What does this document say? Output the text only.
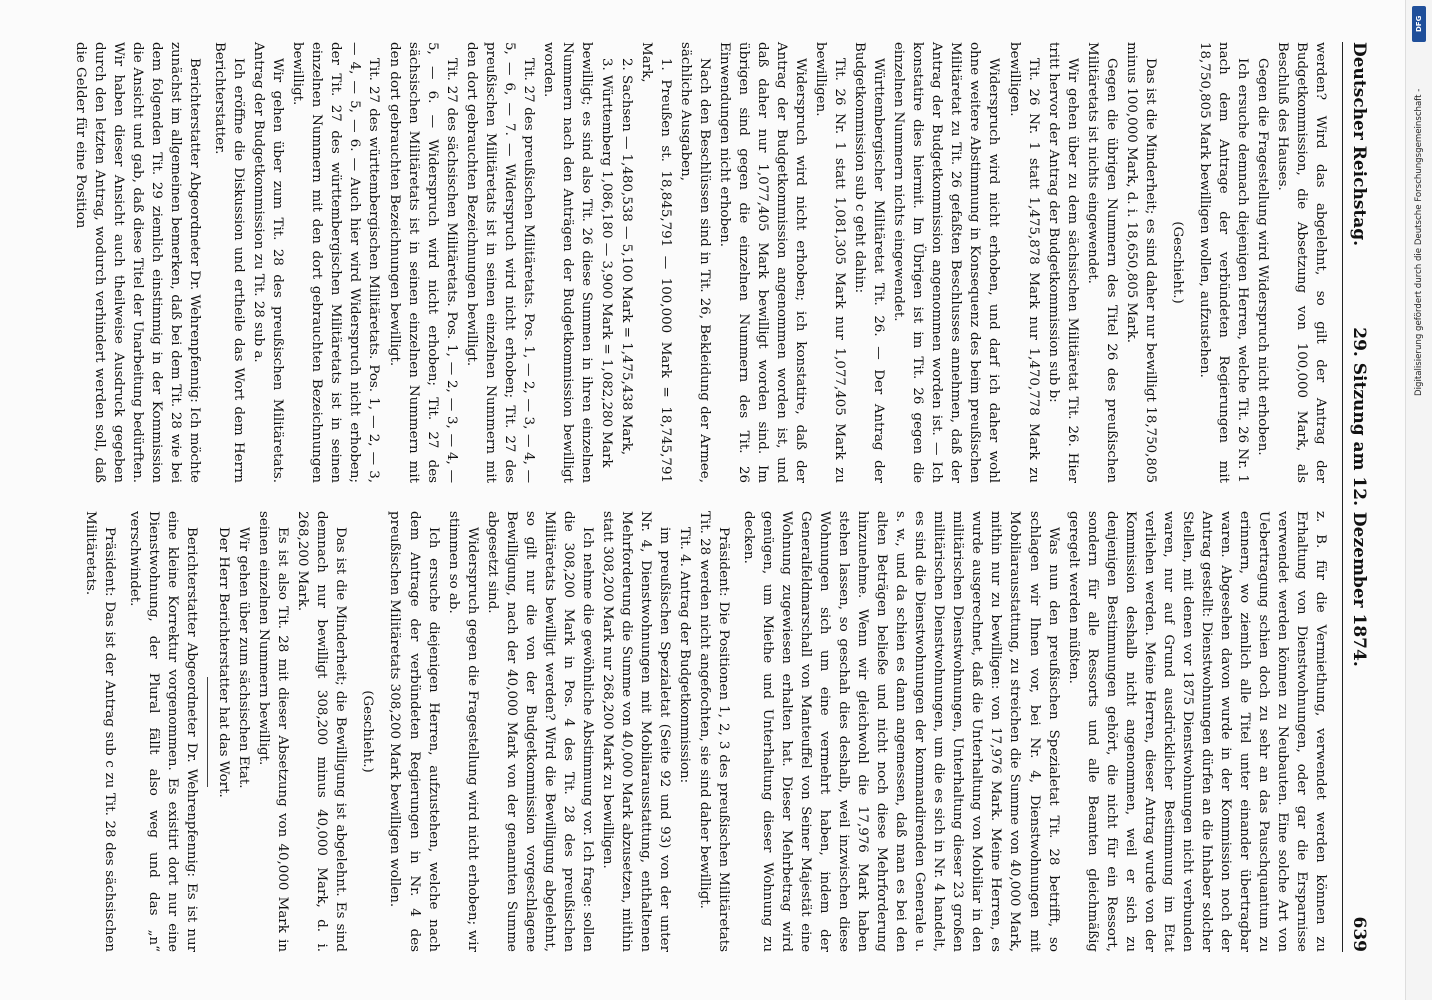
Deutscher Reichstag.
29. Sitzung am 12. Dezember 1874.
639

werden? Wird das abgelehnt, so gilt der Antrag der Budgetkommission, die Absetzung von 100,000 Mark, als Beschluß des Hauses.

Gegen die Fragestellung wird Widerspruch nicht erhoben.

Ich ersuche demnach diejenigen Herren, welche Tit. 26 Nr. 1 nach dem Antrage der verbündeten Regierungen mit 18,750,805 Mark bewilligen wollen, aufzustehen.

(Geschieht.)

Das ist die Minderheit; es sind daher nur bewilligt 18,750,805 minus 100,000 Mark, d. i. 18,650,805 Mark.

Gegen die übrigen Nummern des Titel 26 des preußischen Militäretats ist nichts eingewendet.

Wir gehen über zu dem sächsischen Militäretat Tit. 26. Hier tritt hervor der Antrag der Budgetkommission sub b:

Tit. 26 Nr. 1 statt 1,475,878 Mark nur 1,470,778 Mark zu bewilligen.

Widerspruch wird nicht erhoben, und darf ich daher wohl ohne weitere Abstimmung in Konsequenz des beim preußischen Militäretat zu Tit. 26 gefaßten Beschlusses annehmen, daß der Antrag der Budgetkommission angenommen worden ist. — Ich konstatire dies hiermit. Im Übrigen ist im Tit. 26 gegen die einzelnen Nummern nichts eingewendet.

Württembergischer Militäretat Tit. 26. — Der Antrag der Budgetkommission sub c geht dahin:

Tit. 26 Nr. 1 statt 1,081,305 Mark nur 1,077,405 Mark zu bewilligen.

Widerspruch wird nicht erhoben; ich konstatire, daß der Antrag der Budgetkommission angenommen worden ist, und daß daher nur 1,077,405 Mark bewilligt worden sind. Im übrigen sind gegen die einzelnen Nummern des Tit. 26 Einwendungen nicht erhoben.

Nach den Beschlüssen sind in Tit. 26, Bekleidung der Armee, sächliche Ausgaben,

1. Preußen st. 18,845,791 — 100,000 Mark = 18,745,791 Mark,

2. Sachsen — 1,480,538 — 5,100 Mark = 1,475,438 Mark,

3. Württemberg 1,086,180 — 3,900 Mark = 1,082,280 Mark

bewilligt; es sind also Tit. 26 diese Summen in ihren einzelnen Nummern nach den Anträgen der Budgetkommission bewilligt worden.

Tit. 27 des preußischen Militäretats. Pos. 1, — 2, — 3, — 4, — 5, — 6, — 7. — Widerspruch wird nicht erhoben; Tit. 27 des preußischen Militäretats ist in seinen einzelnen Nummern mit den dort gebrauchten Bezeichnungen bewilligt.

Tit. 27 des sächsischen Militäretats. Pos. 1, — 2, — 3, — 4, — 5, — 6. — Widerspruch wird nicht erhoben; Tit. 27 des sächsischen Militäretats ist in seinen einzelnen Nummern mit den dort gebrauchten Bezeichnungen bewilligt.

Tit. 27 des württembergischen Militäretats. Pos. 1, — 2, — 3, — 4, — 5, — 6. — Auch hier wird Widerspruch nicht erhoben; der Tit. 27 des württembergischen Militäretats ist in seinen einzelnen Nummern mit den dort gebrauchten Bezeichnungen bewilligt.

Wir gehen über zum Tit. 28 des preußischen Militäretats. Antrag der Budgetkommission zu Tit. 28 sub a.

Ich eröffne die Diskussion und ertheile das Wort dem Herrn Berichterstatter.

Berichterstatter Abgeordneter Dr. Wehrenpfennig: Ich möchte zunächst im allgemeinen bemerken, daß bei dem Tit. 28 wie bei dem folgenden Tit. 29 ziemlich einstimmig in der Kommission die Ansicht und gab, daß diese Titel der Unarbeitung bedürften. Wir haben dieser Ansicht auch theilweise Ausdruck gegeben durch den letzten Antrag, wodurch verhindert werden soll, daß die Gelder für eine Position

z. B. für die Vermiethung, verwendet werden können zu Erhaltung von Dienstwohnungen, oder gar die Ersparnisse verwendet werden können zu Neubauten. Eine solche Art von Uebertragung schien doch zu sehr an das Pauschquantum zu erinnern, wo ziemlich alle Titel unter einander übertragbar waren. Abgesehen davon wurde in der Kommission noch der Antrag gestellt: Dienstwohnungen dürfen an die Inhaber solcher Stellen, mit denen vor 1875 Dienstwohnungen nicht verbunden waren, nur auf Grund ausdrücklicher Bestimmung im Etat verliehen werden. Meine Herren, dieser Antrag wurde von der Kommission deshalb nicht angenommen, weil er sich zu denjenigen Bestimmungen gehört, die nicht für ein Ressort, sondern für alle Ressorts und alle Beamten gleichmäßig geregelt werden müßten.

Was nun den preußischen Spezialetat Tit. 28 betrifft, so schlagen wir Ihnen vor, bei Nr. 4, Dienstwohnungen mit Mobiliarausstattung, zu streichen die Summe von 40,000 Mark, mithin nur zu bewilligen: von 17,976 Mark. Meine Herren, es wurde ausgerechnet, daß die Unterhaltung von Mobiliar in den militärischen Dienstwohnungen, Unterhaltung dieser 23 großen militärischen Dienstwohnungen, um die es sich in Nr. 4 handelt, es sind die Dienstwohnungen der kommandirenden Generale u. s. w., und da schien es dann angemessen, daß man es bei den alten Beträgen beließe und nicht noch diese Mehrforderung hinzunehme. Wenn wir gleichwohl die 17,976 Mark haben stehen lassen, so geschah dies deshalb, weil inzwischen diese Wohnungen sich um eine vermehrt haben, indem der Generalfeldmarschall von Manteuffel von Seiner Majestät eine Wohnung zugewiesen erhalten hat. Dieser Mehrbetrag wird genügen, um Miethe und Unterhaltung dieser Wohnung zu decken.

Präsident: Die Positionen 1, 2, 3 des preußischen Militäretats Tit. 28 werden nicht angefochten, sie sind daher bewilligt.

Tit. 4. Antrag der Budgetkommission:

im preußischen Spezialetat (Seite 92 und 93) von der unter Nr. 4, Dienstwohnungen mit Mobiliarausstattung, enthaltenen Mehrforderung die Summe von 40,000 Mark abzusetzen, mithin statt 308,200 Mark nur 268,200 Mark zu bewilligen.

Ich nehme die gewöhnliche Abstimmung vor. Ich frage: sollen die 308,200 Mark in Pos. 4 des Tit. 28 des preußischen Militäretats bewilligt werden? Wird die Bewilligung abgelehnt, so gilt nur die von der Budgetkommission vorgeschlagene Bewilligung, nach der 40,000 Mark von der genannten Summe abgesetzt sind.

Widerspruch gegen die Fragestellung wird nicht erhoben; wir stimmen so ab.

Ich ersuche diejenigen Herren, aufzustehen, welche nach dem Antrage der verbündeten Regierungen in Nr. 4 des preußischen Militäretats 308,200 Mark bewilligen wollen.

(Geschieht.)

Das ist die Minderheit; die Bewilligung ist abgelehnt. Es sind demnach nur bewilligt 308,200 minus 40,000 Mark, d. i. 268,200 Mark.

Es ist also Tit. 28 mit dieser Absetzung von 40,000 Mark in seinen einzelnen Nummern bewilligt.

Wir gehen über zum sächsischen Etat.

Der Herr Berichterstatter hat das Wort.

Berichterstatter Abgeordneter Dr. Wehrenpfennig: Es ist nur eine kleine Korrektur vorgenommen. Es existirt dort nur eine Dienstwohnung, der Plural fällt also weg und das „n“ verschwindet.

Präsident: Das ist der Antrag sub c zu Tit. 28 des sächsischen Militäretats.

Digitalisierung gefördert durch die Deutsche Forschungsgemeinschaft -
DFG
